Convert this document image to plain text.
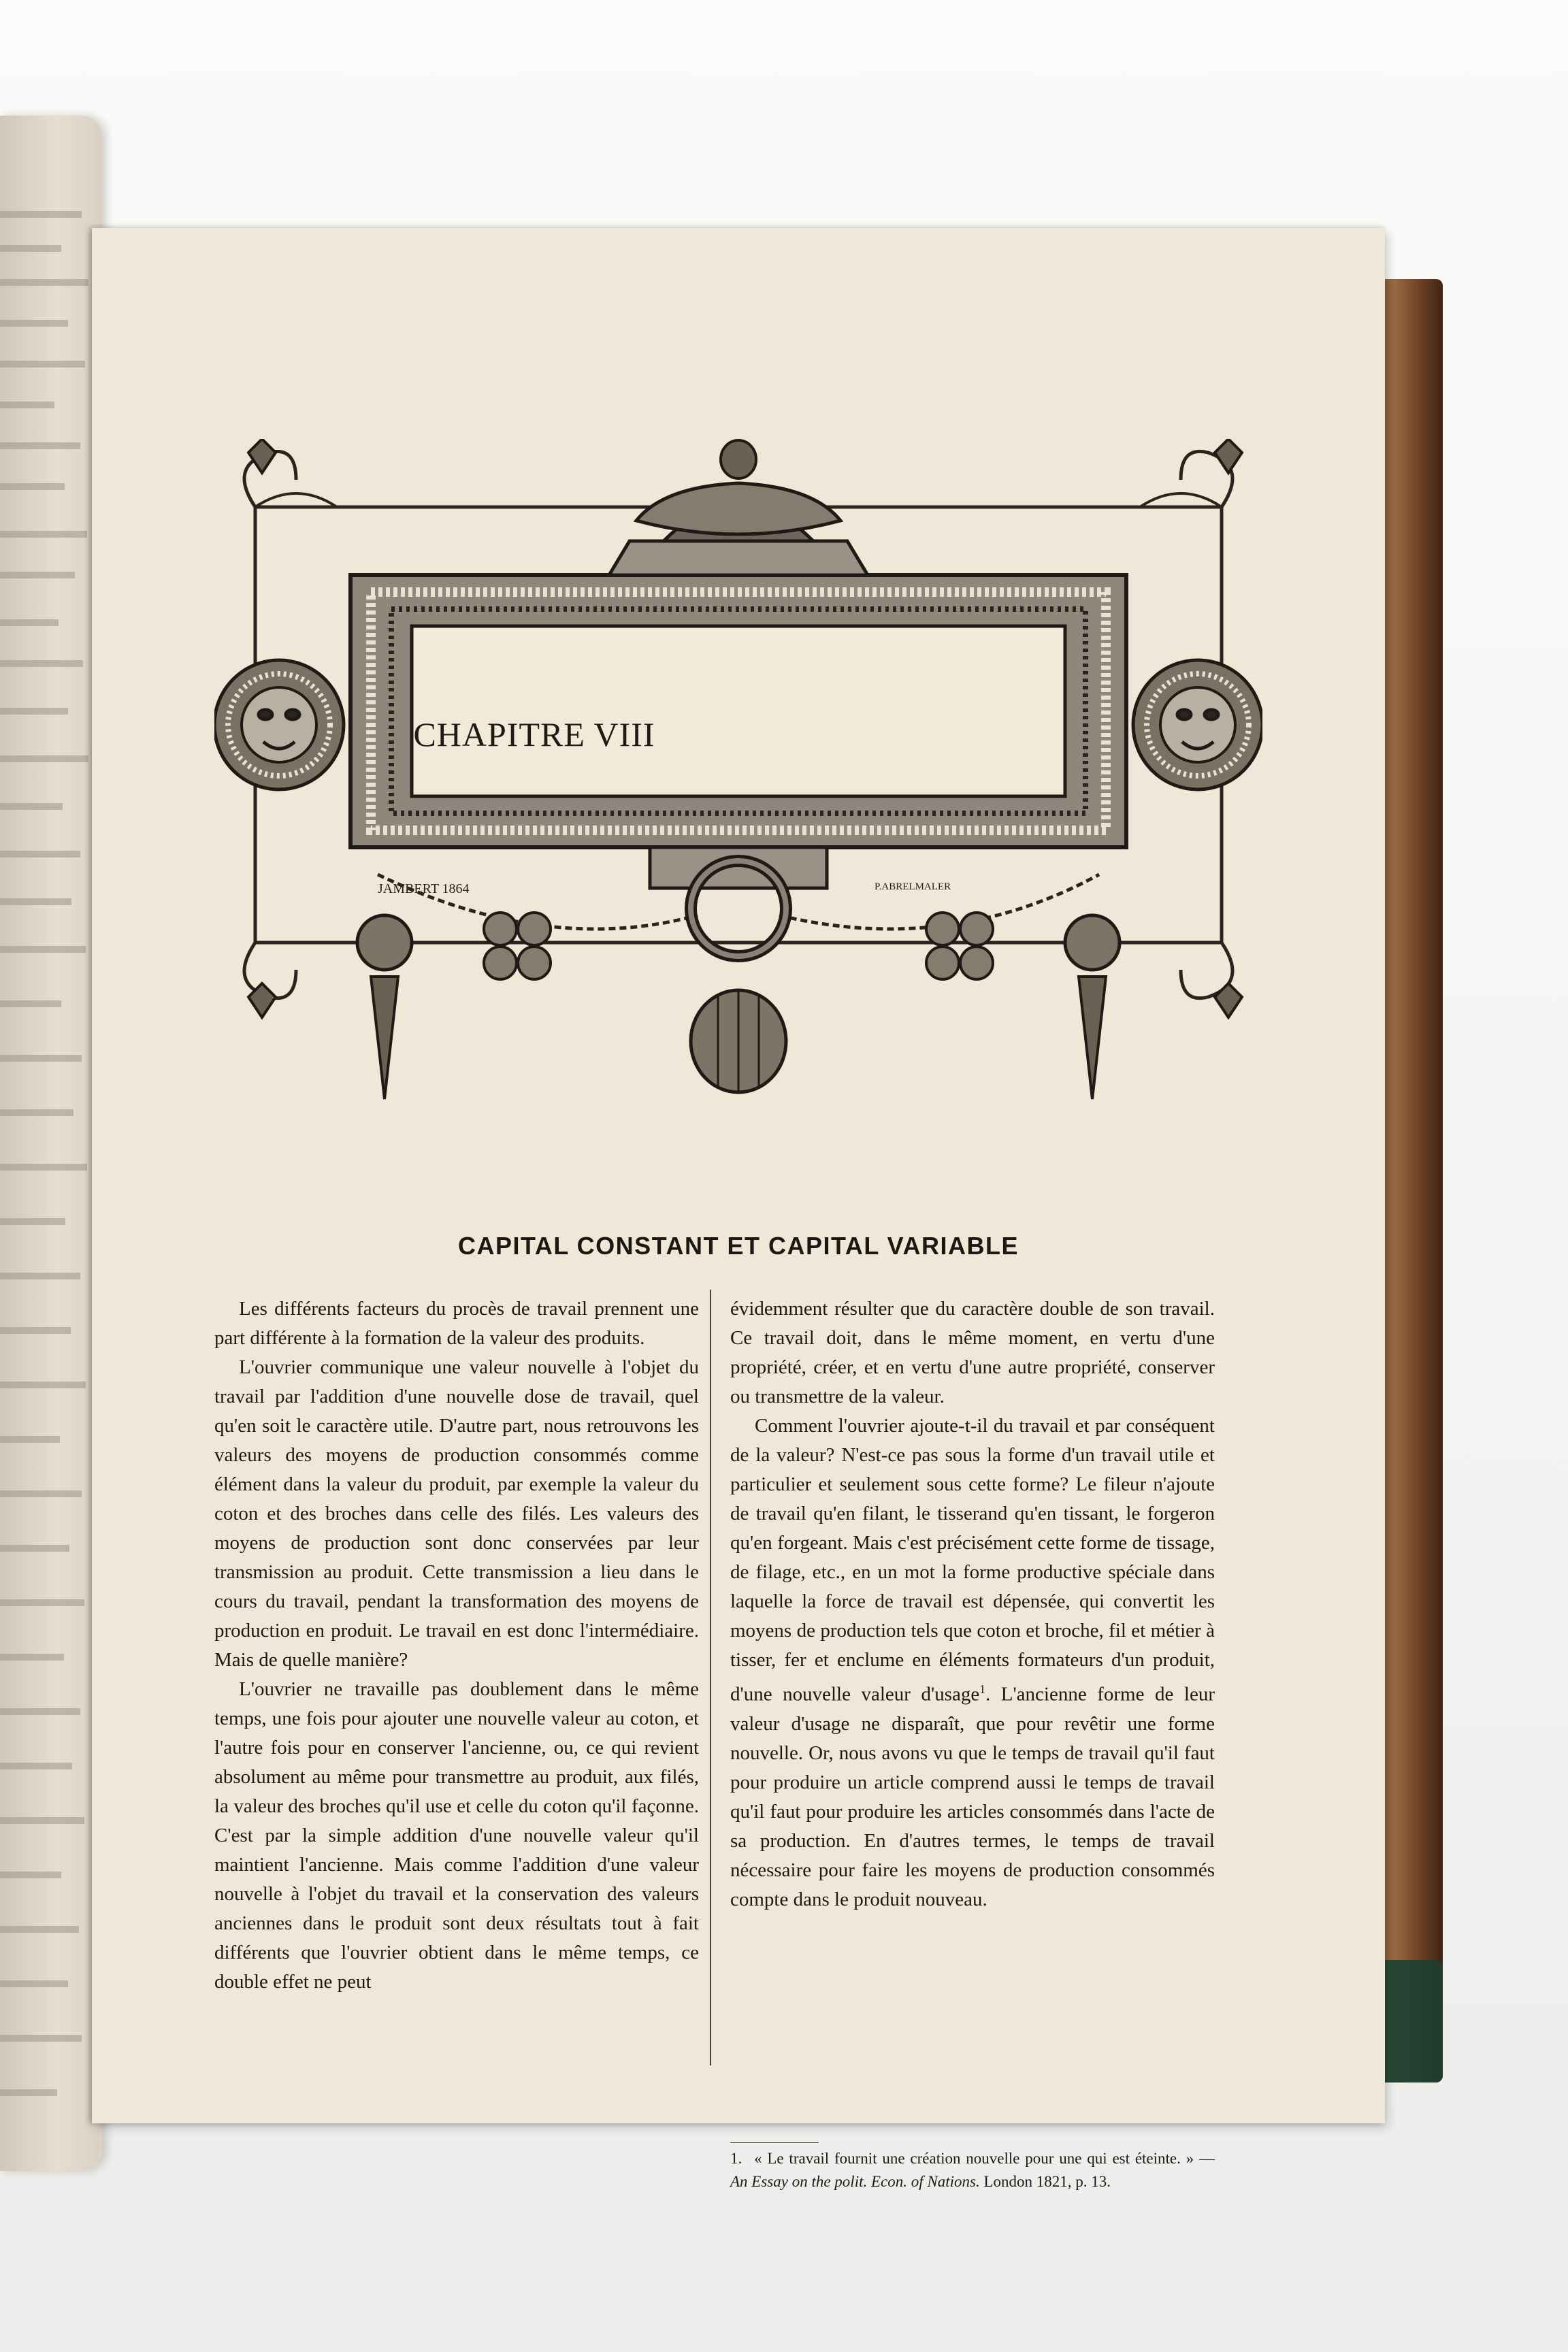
CHAPITRE VIII
JAMBERT 1864	P.ABRELMALER
CAPITAL CONSTANT ET CAPITAL VARIABLE

Les différents facteurs du procès de travail prennent une part différente à la formation de la valeur des produits.

L'ouvrier communique une valeur nouvelle à l'objet du travail par l'addition d'une nouvelle dose de travail, quel qu'en soit le caractère utile. D'autre part, nous retrouvons les valeurs des moyens de production consommés comme élément dans la valeur du produit, par exemple la valeur du coton et des broches dans celle des filés. Les valeurs des moyens de production sont donc conservées par leur transmission au produit. Cette transmission a lieu dans le cours du travail, pendant la transformation des moyens de production en produit. Le travail en est donc l'intermédiaire. Mais de quelle manière?

L'ouvrier ne travaille pas doublement dans le même temps, une fois pour ajouter une nouvelle valeur au coton, et l'autre fois pour en conserver l'ancienne, ou, ce qui revient absolument au même pour transmettre au produit, aux filés, la valeur des broches qu'il use et celle du coton qu'il façonne. C'est par la simple addition d'une nouvelle valeur qu'il maintient l'ancienne. Mais comme l'addition d'une valeur nouvelle à l'objet du travail et la conservation des valeurs anciennes dans le produit sont deux résultats tout à fait différents que l'ouvrier obtient dans le même temps, ce double effet ne peut

évidemment résulter que du caractère double de son travail. Ce travail doit, dans le même moment, en vertu d'une propriété, créer, et en vertu d'une autre propriété, conserver ou transmettre de la valeur.

Comment l'ouvrier ajoute-t-il du travail et par conséquent de la valeur? N'est-ce pas sous la forme d'un travail utile et particulier et seulement sous cette forme? Le fileur n'ajoute de travail qu'en filant, le tisserand qu'en tissant, le forgeron qu'en forgeant. Mais c'est précisément cette forme de tissage, de filage, etc., en un mot la forme productive spéciale dans laquelle la force de travail est dépensée, qui convertit les moyens de production tels que coton et broche, fil et métier à tisser, fer et enclume en éléments formateurs d'un produit, d'une nouvelle valeur d'usage$^1$. L'ancienne forme de leur valeur d'usage ne disparaît, que pour revêtir une forme nouvelle. Or, nous avons vu que le temps de travail qu'il faut pour produire un article comprend aussi le temps de travail qu'il faut pour produire les articles consommés dans l'acte de sa production. En d'autres termes, le temps de travail nécessaire pour faire les moyens de production consommés compte dans le produit nouveau.

1. « Le travail fournit une création nouvelle pour une qui est éteinte. » — An Essay on the polit. Econ. of Nations. London 1821, p. 13.
